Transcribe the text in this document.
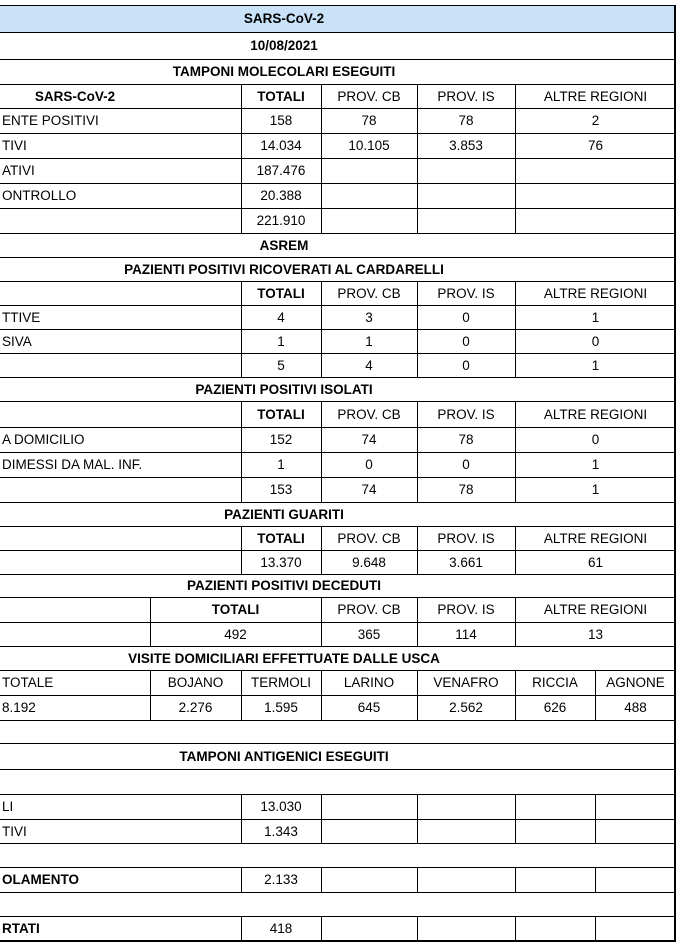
SARS-CoV-2
10/08/2021
TAMPONI MOLECOLARI ESEGUITI
SARS-CoV-2	TOTALI	PROV. CB	PROV. IS	ALTRE REGIONI
ENTE POSITIVI	158	78	78	2
TIVI	14.034	10.105	3.853	76
ATIVI	187.476
ONTROLLO	20.388
221.910
ASREM
PAZIENTI POSITIVI RICOVERATI AL CARDARELLI
TOTALI	PROV. CB	PROV. IS	ALTRE REGIONI
TTIVE	4	3	0	1
SIVA	1	1	0	0
5	4	0	1
PAZIENTI POSITIVI ISOLATI
TOTALI	PROV. CB	PROV. IS	ALTRE REGIONI
A DOMICILIO	152	74	78	0
DIMESSI DA MAL. INF.	1	0	0	1
153	74	78	1
PAZIENTI GUARITI
TOTALI	PROV. CB	PROV. IS	ALTRE REGIONI
13.370	9.648	3.661	61
PAZIENTI POSITIVI DECEDUTI
TOTALI	PROV. CB	PROV. IS	ALTRE REGIONI
492	365	114	13
VISITE DOMICILIARI EFFETTUATE DALLE USCA
TOTALE	BOJANO	TERMOLI	LARINO	VENAFRO	RICCIA	AGNONE
8.192	2.276	1.595	645	2.562	626	488
TAMPONI ANTIGENICI ESEGUITI
LI	13.030
TIVI	1.343
OLAMENTO	2.133
RTATI	418
